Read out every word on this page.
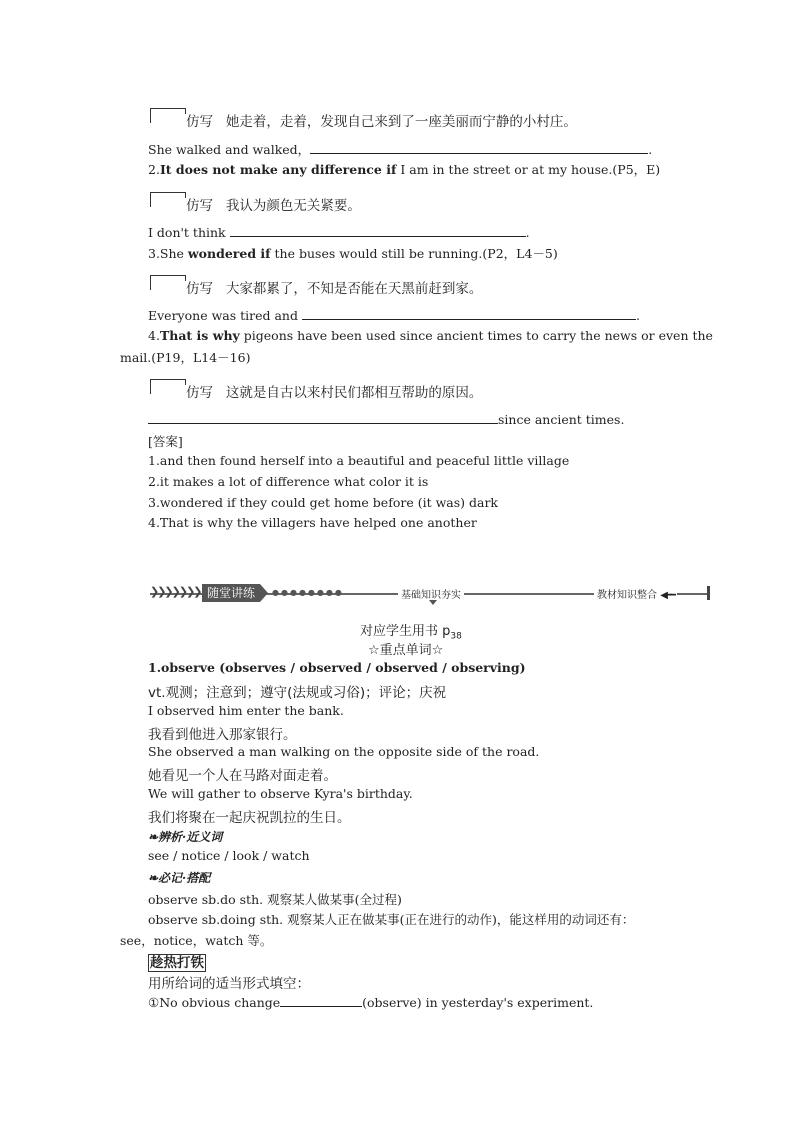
仿写 她走着，走着，发现自己来到了一座美丽而宁静的小村庄。
She walked and walked，	.
2.It does not make any difference if I am in the street or at my house.(P5，E)
仿写 我认为颜色无关紧要。
I don't think	.
3.She wondered if the buses would still be running.(P2，L4－5)
仿写 大家都累了，不知是否能在天黑前赶到家。
Everyone was tired and	.
4.That is why pigeons have been used since ancient times to carry the news or even the
mail.(P19，L14－16)
仿写 这就是自古以来村民们都相互帮助的原因。
since ancient times.
[答案]
1.and then found herself into a beautiful and peaceful little village
2.it makes a lot of difference what color it is
3.wondered if they could get home before (it was) dark
4.That is why the villagers have helped one another
❯❯❯❯❯❯❯ 随堂讲练	●●●●●●●●	基础知识夯实	教材知识整合 ◀━━
对应学生用书 $p_{38}$
☆重点单词☆
1.observe (observes / observed / observed / observing)
vt.观测；注意到；遵守(法规或习俗)；评论；庆祝
I observed him enter the bank.
我看到他进入那家银行。
She observed a man walking on the opposite side of the road.
她看见一个人在马路对面走着。
We will gather to observe Kyra's birthday.
我们将聚在一起庆祝凯拉的生日。
❧辨析·近义词
see / notice / look / watch
❧必记·搭配
observe sb.do sth. 观察某人做某事(全过程)
observe sb.doing sth. 观察某人正在做某事(正在进行的动作)，能这样用的动词还有：
see，notice，watch 等。
趁热打铁
用所给词的适当形式填空：
①No obvious change	(observe) in yesterday's experiment.
